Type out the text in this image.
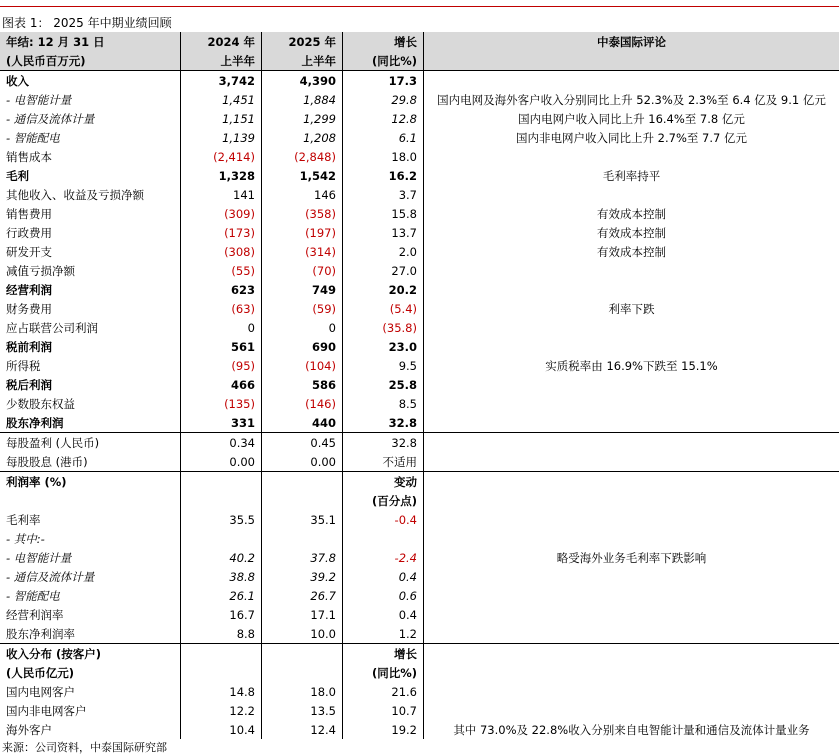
图表 1： 2025 年中期业绩回顾
年结: 12 月 31 日	2024 年	2025 年	增长	中泰国际评论
(人民币百万元)	上半年	上半年	(同比%)	
收入	3,742	4,390	17.3	
- 电智能计量	1,451	1,884	29.8	国内电网及海外客户收入分别同比上升 52.3%及 2.3%至 6.4 亿及 9.1 亿元
- 通信及流体计量	1,151	1,299	12.8	国内电网户收入同比上升 16.4%至 7.8 亿元
- 智能配电	1,139	1,208	6.1	国内非电网户收入同比上升 2.7%至 7.7 亿元
销售成本	(2,414)	(2,848)	18.0	
毛利	1,328	1,542	16.2	毛利率持平
其他收入、收益及亏损净额	141	146	3.7	
销售费用	(309)	(358)	15.8	有效成本控制
行政费用	(173)	(197)	13.7	有效成本控制
研发开支	(308)	(314)	2.0	有效成本控制
减值亏损净额	(55)	(70)	27.0	
经营利润	623	749	20.2	
财务费用	(63)	(59)	(5.4)	利率下跌
应占联营公司利润	0	0	(35.8)	
税前利润	561	690	23.0	
所得税	(95)	(104)	9.5	实质税率由 16.9%下跌至 15.1%
税后利润	466	586	25.8	
少数股东权益	(135)	(146)	8.5	
股东净利润	331	440	32.8	
每股盈利 (人民币)	0.34	0.45	32.8	
每股股息 (港币)	0.00	0.00	不适用	
利润率 (%)			变动	
			(百分点)	
毛利率	35.5	35.1	-0.4	
- 其中:-				
- 电智能计量	40.2	37.8	-2.4	略受海外业务毛利率下跌影响
- 通信及流体计量	38.8	39.2	0.4	
- 智能配电	26.1	26.7	0.6	
经营利润率	16.7	17.1	0.4	
股东净利润率	8.8	10.0	1.2	
收入分布 (按客户)			增长	
(人民币亿元)			(同比%)	
国内电网客户	14.8	18.0	21.6	
国内非电网客户	12.2	13.5	10.7	
海外客户	10.4	12.4	19.2	其中 73.0%及 22.8%收入分别来自电智能计量和通信及流体计量业务
来源：公司资料，中泰国际研究部
